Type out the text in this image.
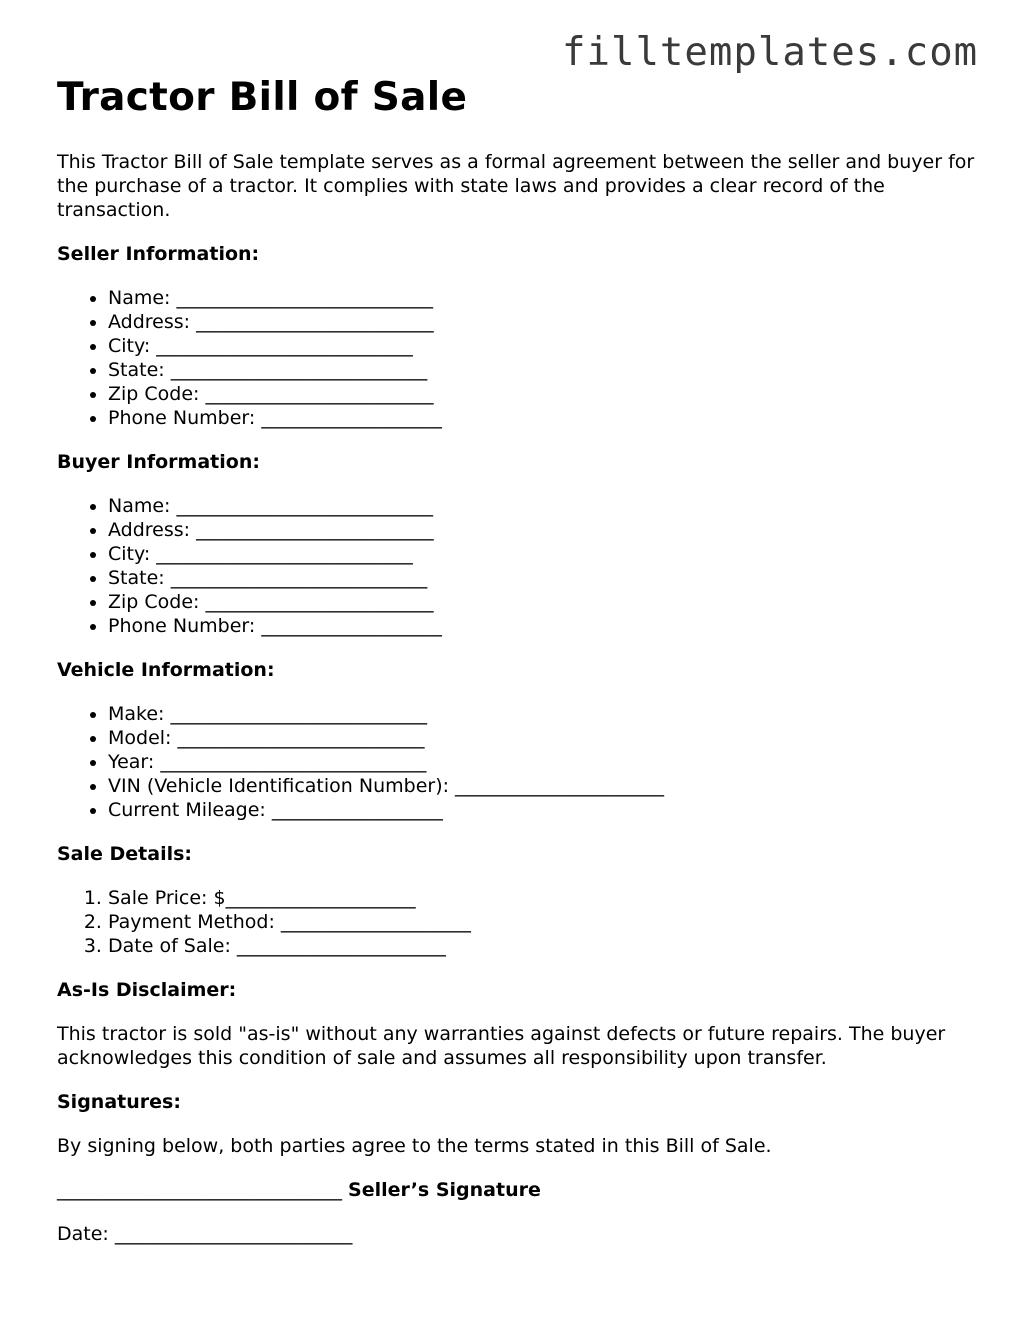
filltemplates.com
Tractor Bill of Sale

This Tractor Bill of Sale template serves as a formal agreement between the seller and buyer for the purchase of a tractor. It complies with state laws and provides a clear record of the transaction.

Seller Information:

• Name: ___________________________
• Address: _________________________
• City: ___________________________
• State: ___________________________
• Zip Code: ________________________
• Phone Number: ___________________

Buyer Information:

• Name: ___________________________
• Address: _________________________
• City: ___________________________
• State: ___________________________
• Zip Code: ________________________
• Phone Number: ___________________

Vehicle Information:

• Make: ___________________________
• Model: __________________________
• Year: ____________________________
• VIN (Vehicle Identification Number): ______________________
• Current Mileage: __________________

Sale Details:

1. Sale Price: $____________________
2. Payment Method: ____________________
3. Date of Sale: ______________________

As-Is Disclaimer:

This tractor is sold "as-is" without any warranties against defects or future repairs. The buyer acknowledges this condition of sale and assumes all responsibility upon transfer.

Signatures:

By signing below, both parties agree to the terms stated in this Bill of Sale.

______________________________ Seller’s Signature
Date: _________________________
